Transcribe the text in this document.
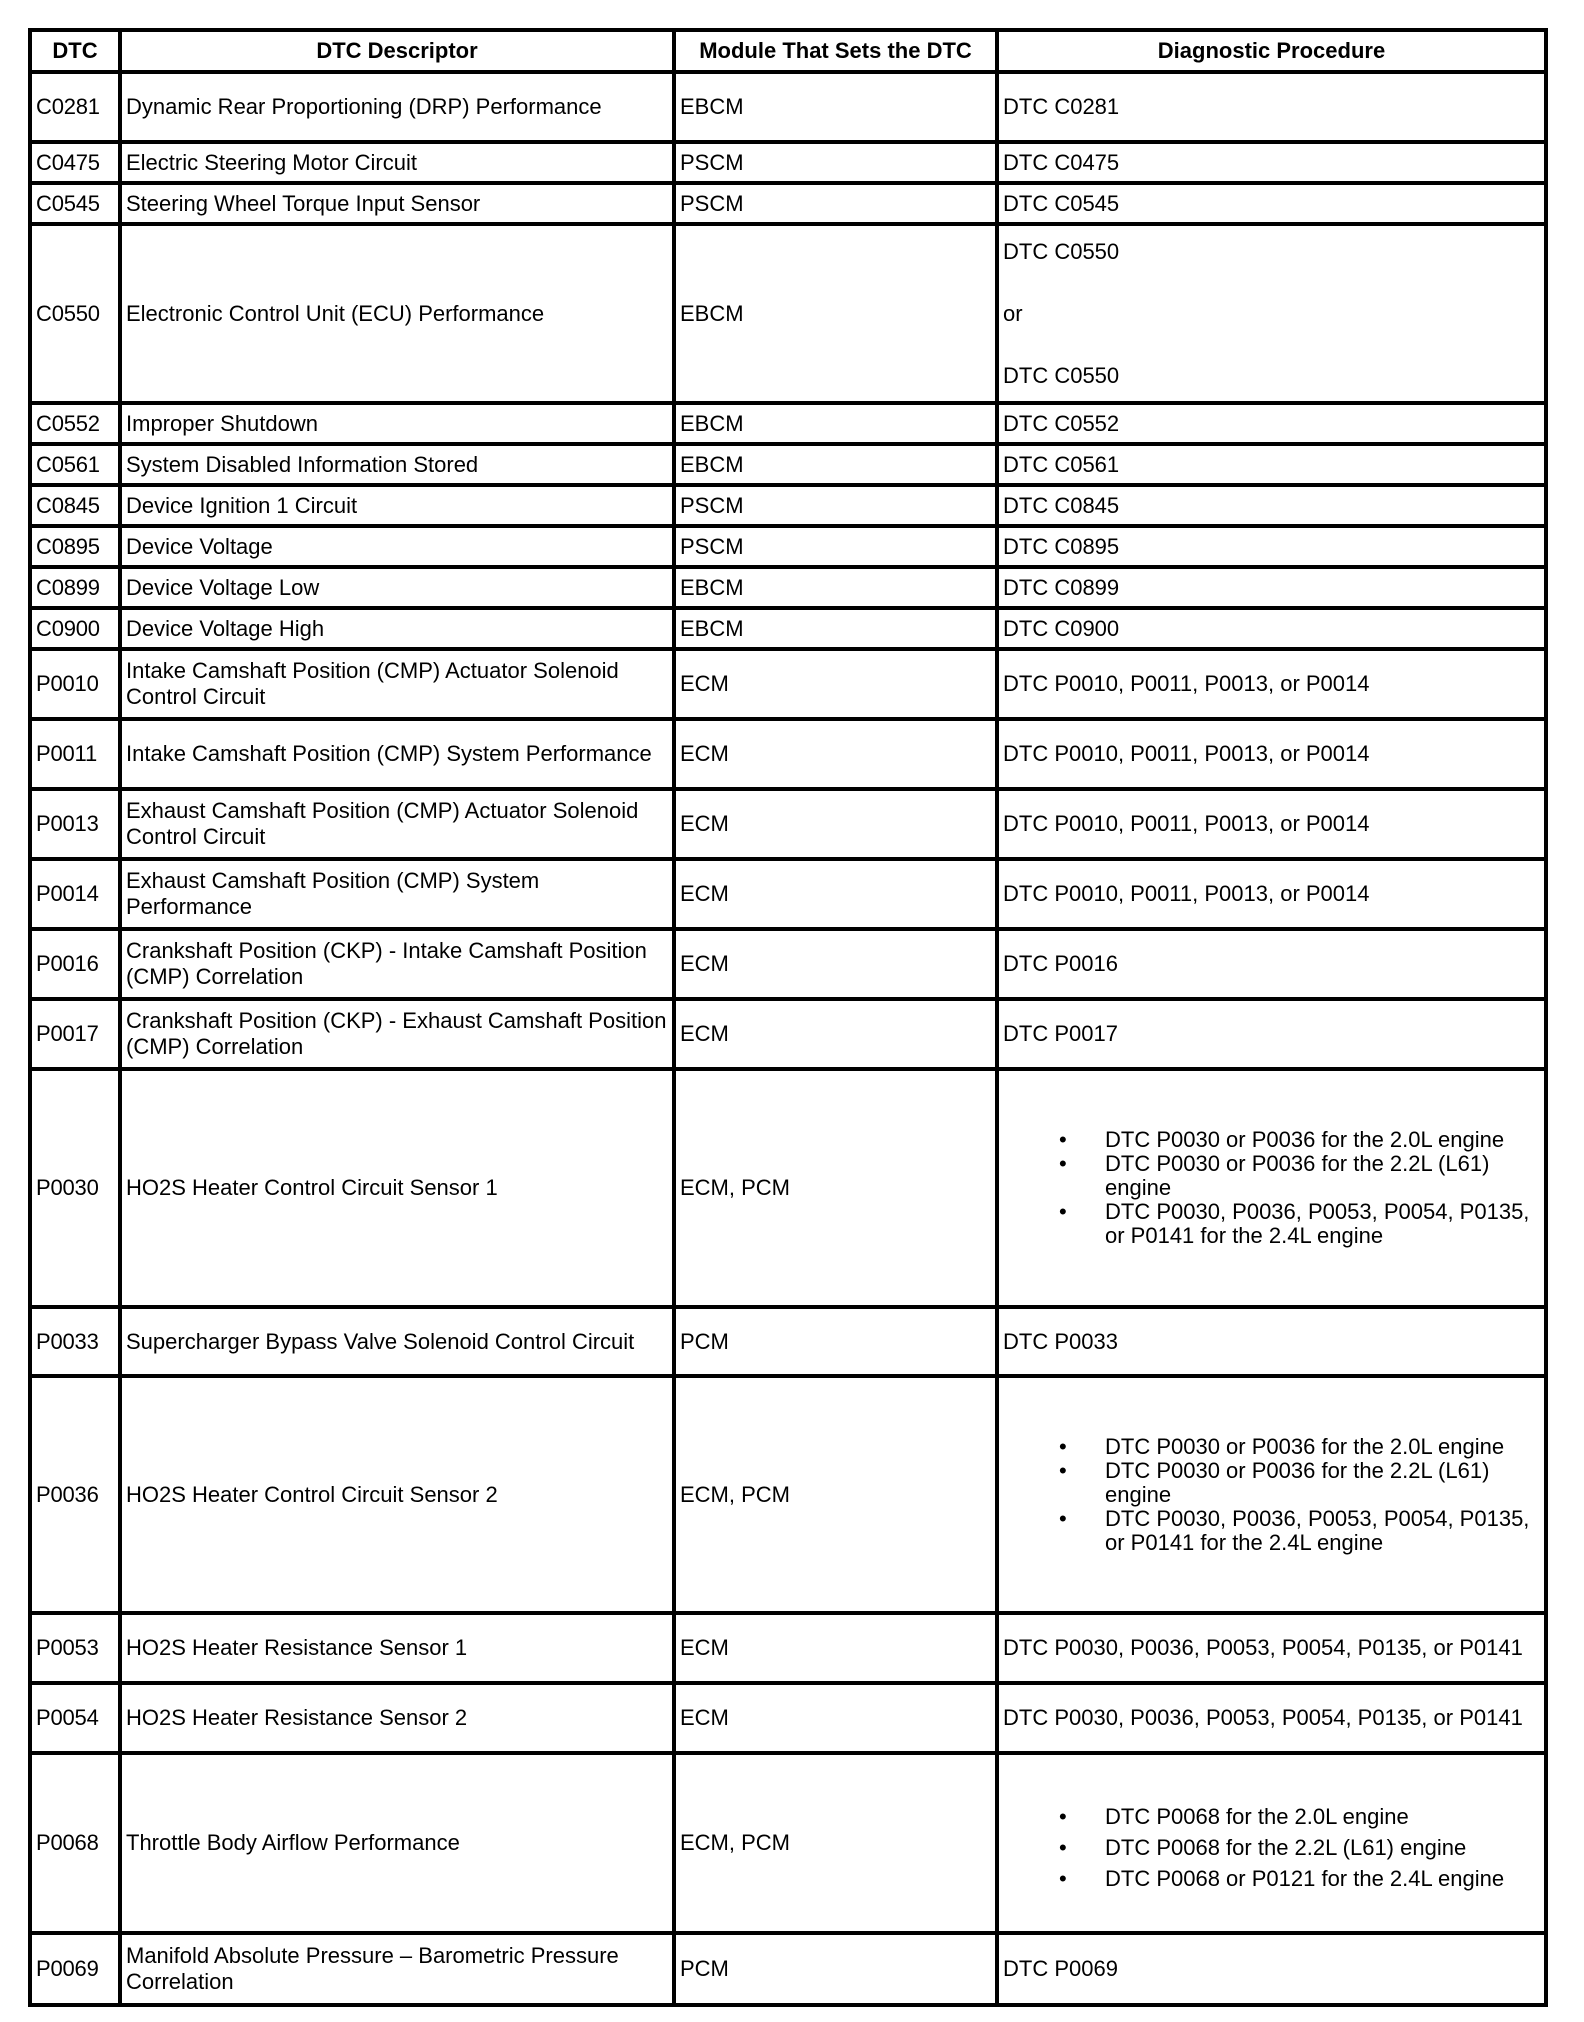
DTC	DTC Descriptor	Module That Sets the DTC	Diagnostic Procedure
C0281	Dynamic Rear Proportioning (DRP) Performance	EBCM	DTC C0281
C0475	Electric Steering Motor Circuit	PSCM	DTC C0475
C0545	Steering Wheel Torque Input Sensor	PSCM	DTC C0545
C0550	Electronic Control Unit (ECU) Performance	EBCM	DTC C0550

or

DTC C0550

C0552	Improper Shutdown	EBCM	DTC C0552
C0561	System Disabled Information Stored	EBCM	DTC C0561
C0845	Device Ignition 1 Circuit	PSCM	DTC C0845
C0895	Device Voltage	PSCM	DTC C0895
C0899	Device Voltage Low	EBCM	DTC C0899
C0900	Device Voltage High	EBCM	DTC C0900
P0010	Intake Camshaft Position (CMP) Actuator Solenoid Control Circuit	ECM	DTC P0010, P0011, P0013, or P0014
P0011	Intake Camshaft Position (CMP) System Performance	ECM	DTC P0010, P0011, P0013, or P0014
P0013	Exhaust Camshaft Position (CMP) Actuator Solenoid Control Circuit	ECM	DTC P0010, P0011, P0013, or P0014
P0014	Exhaust Camshaft Position (CMP) System Performance	ECM	DTC P0010, P0011, P0013, or P0014
P0016	Crankshaft Position (CKP) - Intake Camshaft Position (CMP) Correlation	ECM	DTC P0016
P0017	Crankshaft Position (CKP) - Exhaust Camshaft Position (CMP) Correlation	ECM	DTC P0017
P0030	HO2S Heater Control Circuit Sensor 1	ECM, PCM	
• DTC P0030 or P0036 for the 2.0L engine
• DTC P0030 or P0036 for the 2.2L (L61) engine
• DTC P0030, P0036, P0053, P0054, P0135, or P0141 for the 2.4L engine

P0033	Supercharger Bypass Valve Solenoid Control Circuit	PCM	DTC P0033
P0036	HO2S Heater Control Circuit Sensor 2	ECM, PCM	
• DTC P0030 or P0036 for the 2.0L engine
• DTC P0030 or P0036 for the 2.2L (L61) engine
• DTC P0030, P0036, P0053, P0054, P0135, or P0141 for the 2.4L engine

P0053	HO2S Heater Resistance Sensor 1	ECM	DTC P0030, P0036, P0053, P0054, P0135, or P0141
P0054	HO2S Heater Resistance Sensor 2	ECM	DTC P0030, P0036, P0053, P0054, P0135, or P0141
P0068	Throttle Body Airflow Performance	ECM, PCM	
• DTC P0068 for the 2.0L engine
• DTC P0068 for the 2.2L (L61) engine
• DTC P0068 or P0121 for the 2.4L engine

P0069	Manifold Absolute Pressure – Barometric Pressure Correlation	PCM	DTC P0069
